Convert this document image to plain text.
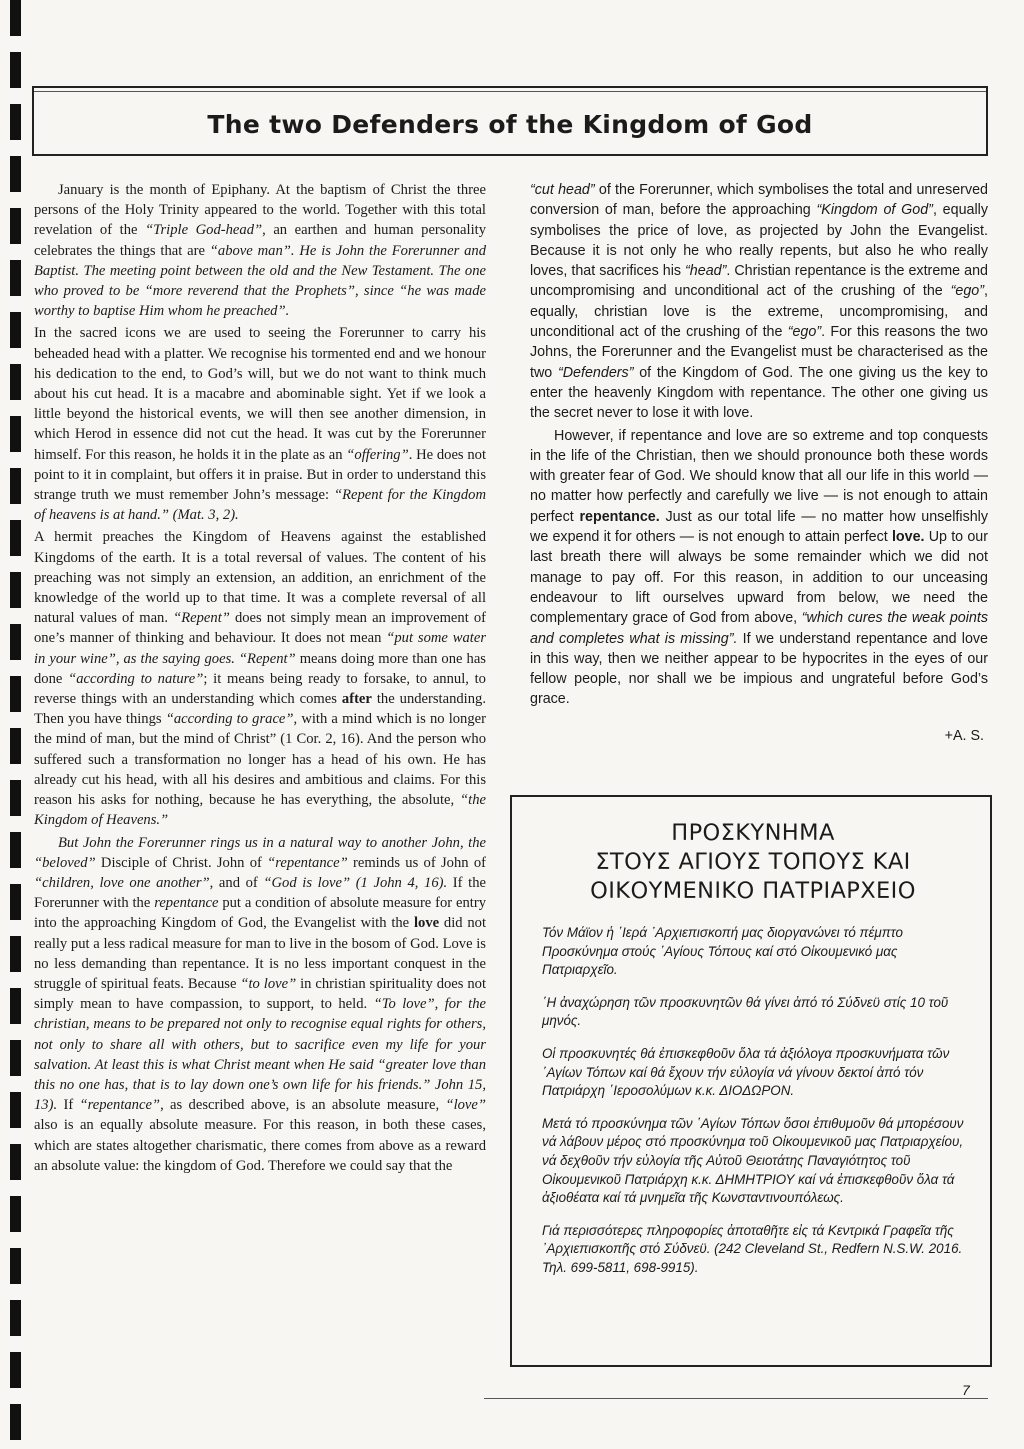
The two Defenders of the Kingdom of God

January is the month of Epiphany. At the baptism of Christ the three persons of the Holy Trinity appeared to the world. Together with this total revelation of the “Triple God-head”, an earthen and human personality celebrates the things that are “above man”. He is John the Forerunner and Baptist. The meeting point between the old and the New Testament. The one who proved to be “more reverend that the Prophets”, since “he was made worthy to baptise Him whom he preached”.

In the sacred icons we are used to seeing the Forerunner to carry his beheaded head with a platter. We recognise his tormented end and we honour his dedication to the end, to God’s will, but we do not want to think much about his cut head. It is a macabre and abominable sight. Yet if we look a little beyond the historical events, we will then see another dimension, in which Herod in essence did not cut the head. It was cut by the Forerunner himself. For this reason, he holds it in the plate as an “offering”. He does not point to it in complaint, but offers it in praise. But in order to understand this strange truth we must remember John’s message: “Repent for the Kingdom of heavens is at hand.” (Mat. 3, 2).

A hermit preaches the Kingdom of Heavens against the established Kingdoms of the earth. It is a total reversal of values. The content of his preaching was not simply an extension, an addition, an enrichment of the knowledge of the world up to that time. It was a complete reversal of all natural values of man. “Repent” does not simply mean an improvement of one’s manner of thinking and behaviour. It does not mean “put some water in your wine”, as the saying goes. “Repent” means doing more than one has done “according to nature”; it means being ready to forsake, to annul, to reverse things with an understanding which comes after the understanding. Then you have things “according to grace”, with a mind which is no longer the mind of man, but the mind of Christ” (1 Cor. 2, 16). And the person who suffered such a transformation no longer has a head of his own. He has already cut his head, with all his desires and ambitious and claims. For this reason his asks for nothing, because he has everything, the absolute, “the Kingdom of Heavens.”

But John the Forerunner rings us in a natural way to another John, the “beloved” Disciple of Christ. John of “repentance” reminds us of John of “children, love one another”, and of “God is love” (1 John 4, 16). If the Forerunner with the repentance put a condition of absolute measure for entry into the approaching Kingdom of God, the Evangelist with the love did not really put a less radical measure for man to live in the bosom of God. Love is no less demanding than repentance. It is no less important conquest in the struggle of spiritual feats. Because “to love” in christian spirituality does not simply mean to have compassion, to support, to held. “To love”, for the christian, means to be prepared not only to recognise equal rights for others, not only to share all with others, but to sacrifice even my life for your salvation. At least this is what Christ meant when He said “greater love than this no one has, that is to lay down one’s own life for his friends.” John 15, 13). If “repentance”, as described above, is an absolute measure, “love” also is an equally absolute measure. For this reason, in both these cases, which are states altogether charismatic, there comes from above as a reward an absolute value: the kingdom of God. Therefore we could say that the

“cut head” of the Forerunner, which symbolises the total and unreserved conversion of man, before the approaching “Kingdom of God”, equally symbolises the price of love, as projected by John the Evangelist. Because it is not only he who really repents, but also he who really loves, that sacrifices his “head”. Christian repentance is the extreme and uncompromising and unconditional act of the crushing of the “ego”, equally, christian love is the extreme, uncompromising, and unconditional act of the crushing of the “ego”. For this reasons the two Johns, the Forerunner and the Evangelist must be characterised as the two “Defenders” of the Kingdom of God. The one giving us the key to enter the heavenly Kingdom with repentance. The other one giving us the secret never to lose it with love.

However, if repentance and love are so extreme and top conquests in the life of the Christian, then we should pronounce both these words with greater fear of God. We should know that all our life in this world — no matter how perfectly and carefully we live — is not enough to attain perfect repentance. Just as our total life — no matter how unselfishly we expend it for others — is not enough to attain perfect love. Up to our last breath there will always be some remainder which we did not manage to pay off. For this reason, in addition to our unceasing endeavour to lift ourselves upward from below, we need the complementary grace of God from above, “which cures the weak points and completes what is missing”. If we understand repentance and love in this way, then we neither appear to be hypocrites in the eyes of our fellow people, nor shall we be impious and ungrateful before God’s grace.

+A. S.

ΠΡΟΣΚΥΝΗΜΑ
ΣΤΟΥΣ ΑΓΙΟΥΣ ΤΟΠΟΥΣ ΚΑΙ
ΟΙΚΟΥΜΕΝΙΚΟ ΠΑΤΡΙΑΡΧΕΙΟ

Τόν Μάϊον ἡ ῾Ιερά ᾿Αρχιεπισκοπή μας διοργανώνει τό πέμπτο Προσκύνημα στούς ῾Αγίους Τόπους καί στό Οἰκουμενικό μας Πατριαρχεῖο.

῾Η ἀναχώρηση τῶν προσκυνητῶν θά γίνει ἀπό τό Σύδνεϋ στίς 10 τοῦ μηνός.

Οἱ προσκυνητές θά ἐπισκεφθοῦν ὅλα τά ἀξιόλογα προσκυνήματα τῶν ῾Αγίων Τόπων καί θά ἔχουν τήν εὐλογία νά γίνουν δεκτοί ἀπό τόν Πατριάρχη ῾Ιεροσολύμων κ.κ. ΔΙΟΔΩΡΟΝ.

Μετά τό προσκύνημα τῶν ῾Αγίων Τόπων ὅσοι ἐπιθυμοῦν θά μποpέσουν νά λάβουν μέρος στό προσκύνημα τοῦ Οἰκουμενικοῦ μας Πατριαρχείου, νά δεχθοῦν τήν εὐλογία τῆς Αὐτοῦ Θειοτάτης Παναγιότητος τοῦ Οἰκουμενικοῦ Πατριάρχη κ.κ. ΔΗΜΗΤΡΙΟΥ καί νά ἐπισκεφθοῦν ὅλα τά ἀξιοθέατα καί τά μνημεῖα τῆς Κωνσταντινουπόλεως.

Γιά περισσότερες πληροφορίες ἀποταθῆτε εἰς τά Κεντρικά Γραφεῖα τῆς ᾿Αρχιεπισκοπῆς στό Σύδνεϋ. (242 Cleveland St., Redfern N.S.W. 2016. Τηλ. 699-5811, 698-9915).

7
